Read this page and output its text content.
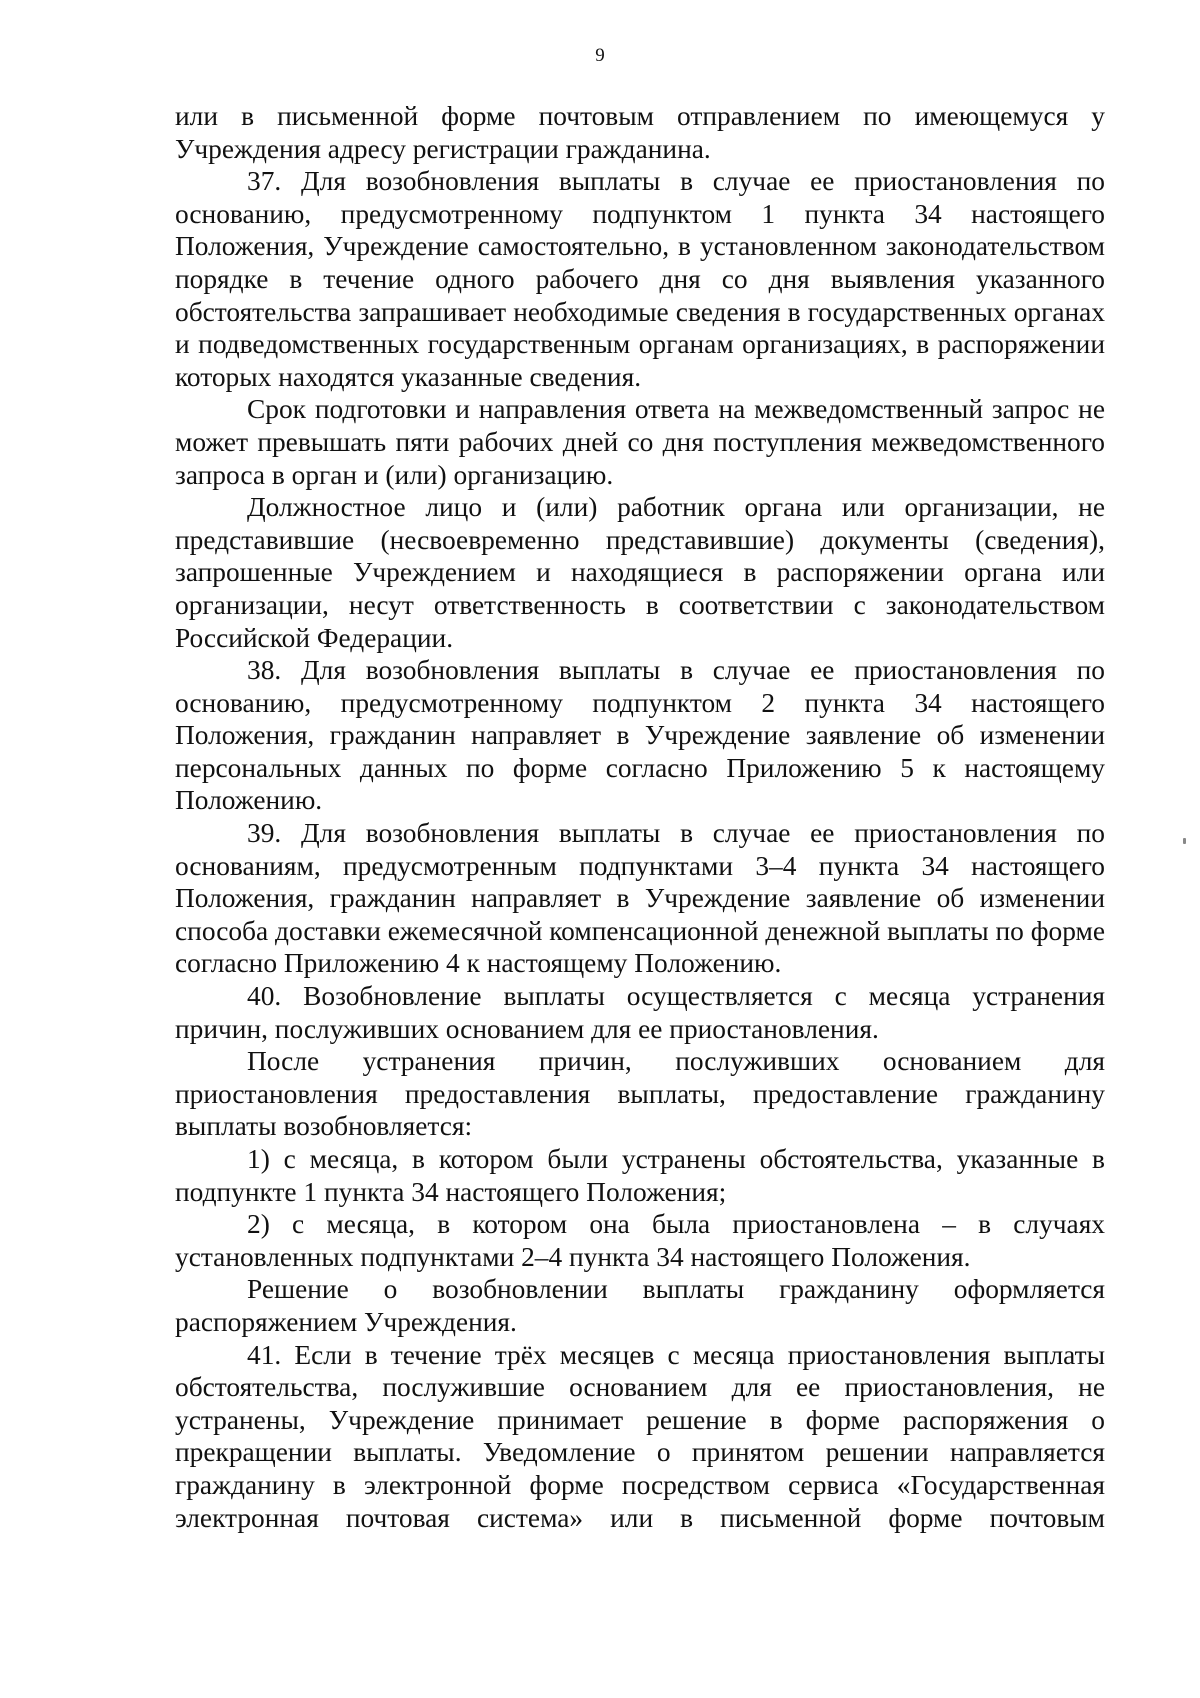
9

или в письменной форме почтовым отправлением по имеющемуся у Учреждения адресу регистрации гражданина.

37. Для возобновления выплаты в случае ее приостановления по основанию, предусмотренному подпунктом 1 пункта 34 настоящего Положения, Учреждение самостоятельно, в установленном законодательством порядке в течение одного рабочего дня со дня выявления указанного обстоятельства запрашивает необходимые сведения в государственных органах и подведомственных государственным органам организациях, в распоряжении которых находятся указанные сведения.

Срок подготовки и направления ответа на межведомственный запрос не может превышать пяти рабочих дней со дня поступления межведомственного запроса в орган и (или) организацию.

Должностное лицо и (или) работник органа или организации, не представившие (несвоевременно представившие) документы (сведения), запрошенные Учреждением и находящиеся в распоряжении органа или организации, несут ответственность в соответствии с законодательством Российской Федерации.

38. Для возобновления выплаты в случае ее приостановления по основанию, предусмотренному подпунктом 2 пункта 34 настоящего Положения, гражданин направляет в Учреждение заявление об изменении персональных данных по форме согласно Приложению 5 к настоящему Положению.

39. Для возобновления выплаты в случае ее приостановления по основаниям, предусмотренным подпунктами 3–4 пункта 34 настоящего Положения, гражданин направляет в Учреждение заявление об изменении способа доставки ежемесячной компенсационной денежной выплаты по форме согласно Приложению 4 к настоящему Положению.

40. Возобновление выплаты осуществляется с месяца устранения причин, послуживших основанием для ее приостановления.

После устранения причин, послуживших основанием для приостановления предоставления выплаты, предоставление гражданину выплаты возобновляется:

1) с месяца, в котором были устранены обстоятельства, указанные в подпункте 1 пункта 34 настоящего Положения;

2) с месяца, в котором она была приостановлена – в случаях установленных подпунктами 2–4 пункта 34 настоящего Положения.

Решение о возобновлении выплаты гражданину оформляется распоряжением Учреждения.

41. Если в течение трёх месяцев с месяца приостановления выплаты обстоятельства, послужившие основанием для ее приостановления, не устранены, Учреждение принимает решение в форме распоряжения о прекращении выплаты. Уведомление о принятом решении направляется гражданину в электронной форме посредством сервиса «Государственная электронная почтовая система» или в письменной форме почтовым
